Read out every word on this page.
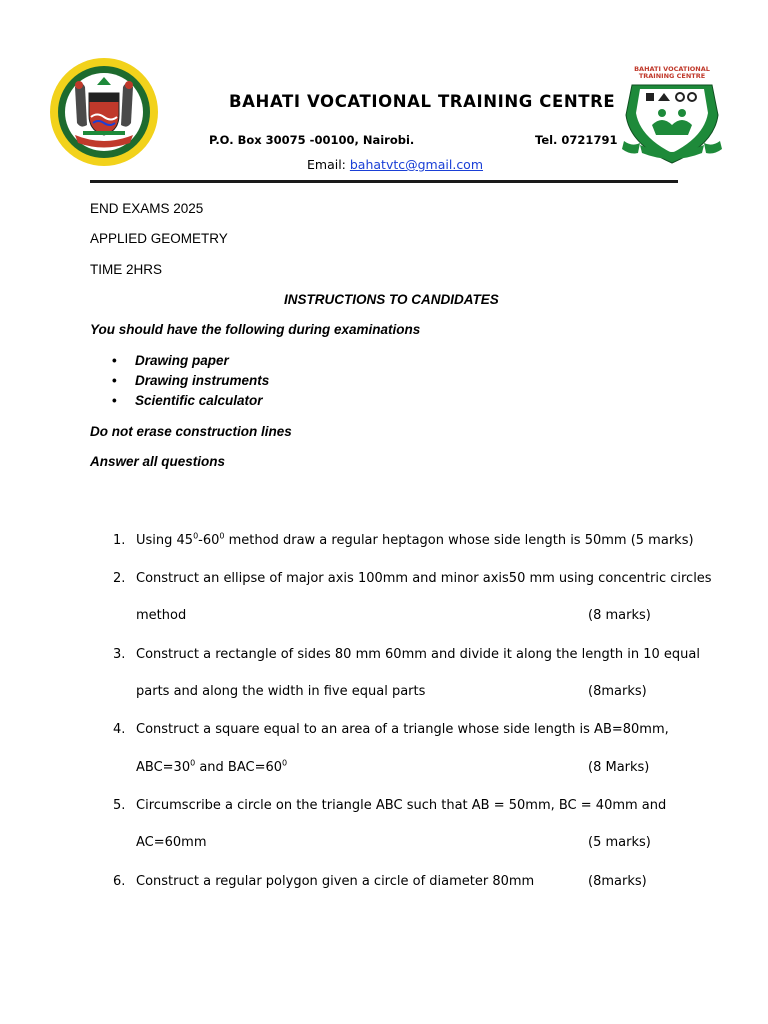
BAHATI VOCATIONAL
TRAINING CENTRE
BAHATI VOCATIONAL TRAINING CENTRE
P.O. Box 30075 -00100, Nairobi.	Tel. 0721791
Email: bahatvtc@gmail.com
END EXAMS 2025
APPLIED GEOMETRY
TIME 2HRS
INSTRUCTIONS TO CANDIDATES
You should have the following during examinations
• Drawing paper
• Drawing instruments
• Scientific calculator
Do not erase construction lines
Answer all questions
1. Using $45^0-60^0$ method draw a regular heptagon whose side length is 50mm (5 marks)
2. Construct an ellipse of major axis 100mm and minor axis50 mm using concentric circles
method	(8 marks)
3. Construct a rectangle of sides 80 mm 60mm and divide it along the length in 10 equal
parts and along the width in five equal parts	(8marks)
4. Construct a square equal to an area of a triangle whose side length is AB=80mm,
$ABC=30^0$ and $BAC=60^0$	(8 Marks)
5. Circumscribe a circle on the triangle ABC such that AB = 50mm, BC = 40mm and
AC=60mm	(5 marks)
6. Construct a regular polygon given a circle of diameter 80mm	(8marks)
